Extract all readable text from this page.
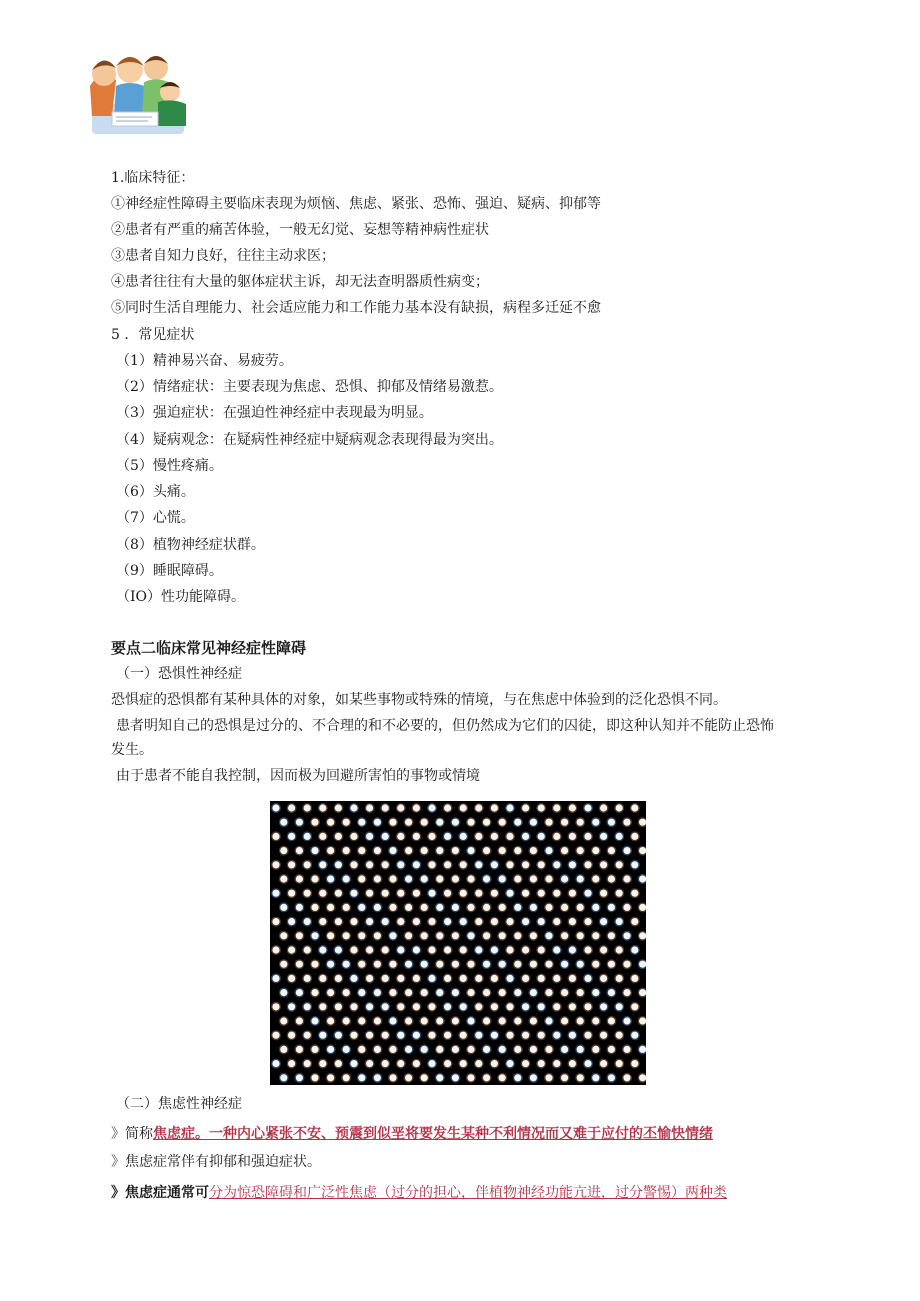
1.临床特征：
①神经症性障碍主要临床表现为烦恼、焦虑、紧张、恐怖、强迫、疑病、抑郁等
②患者有严重的痛苦体验，一般无幻觉、妄想等精神病性症状
③患者自知力良好，往往主动求医；
④患者往往有大量的躯体症状主诉，却无法查明器质性病变；
⑤同时生活自理能力、社会适应能力和工作能力基本没有缺损，病程多迁延不愈
5 ．常见症状
（1）精神易兴奋、易疲劳。
（2）情绪症状：主要表现为焦虑、恐惧、抑郁及情绪易激惹。
（3）强迫症状：在强迫性神经症中表现最为明显。
（4）疑病观念：在疑病性神经症中疑病观念表现得最为突出。
（5）慢性疼痛。
（6）头痛。
（7）心慌。
（8）植物神经症状群。
（9）睡眠障碍。
（IO）性功能障碍。
要点二临床常见神经症性障碍
（一）恐惧性神经症
恐惧症的恐惧都有某种具体的对象，如某些事物或特殊的情境，与在焦虑中体验到的泛化恐惧不同。
患者明知自己的恐惧是过分的、不合理的和不必要的，但仍然成为它们的囚徒，即这种认知并不能防止恐怖
发生。
由于患者不能自我控制，因而极为回避所害怕的事物或情境
（二）焦虑性神经症
》简称焦虑症。一种内心紧张不安、预震到似垩将要发生某种不利情况而又难于应付的丕愉快情绪
》焦虑症常伴有抑郁和强迫症状。
》焦虑症通常可分为惊恐障碍和广泛性焦虑（过分的担心，伴植物神经功能亢进，过分警惕）两种类
